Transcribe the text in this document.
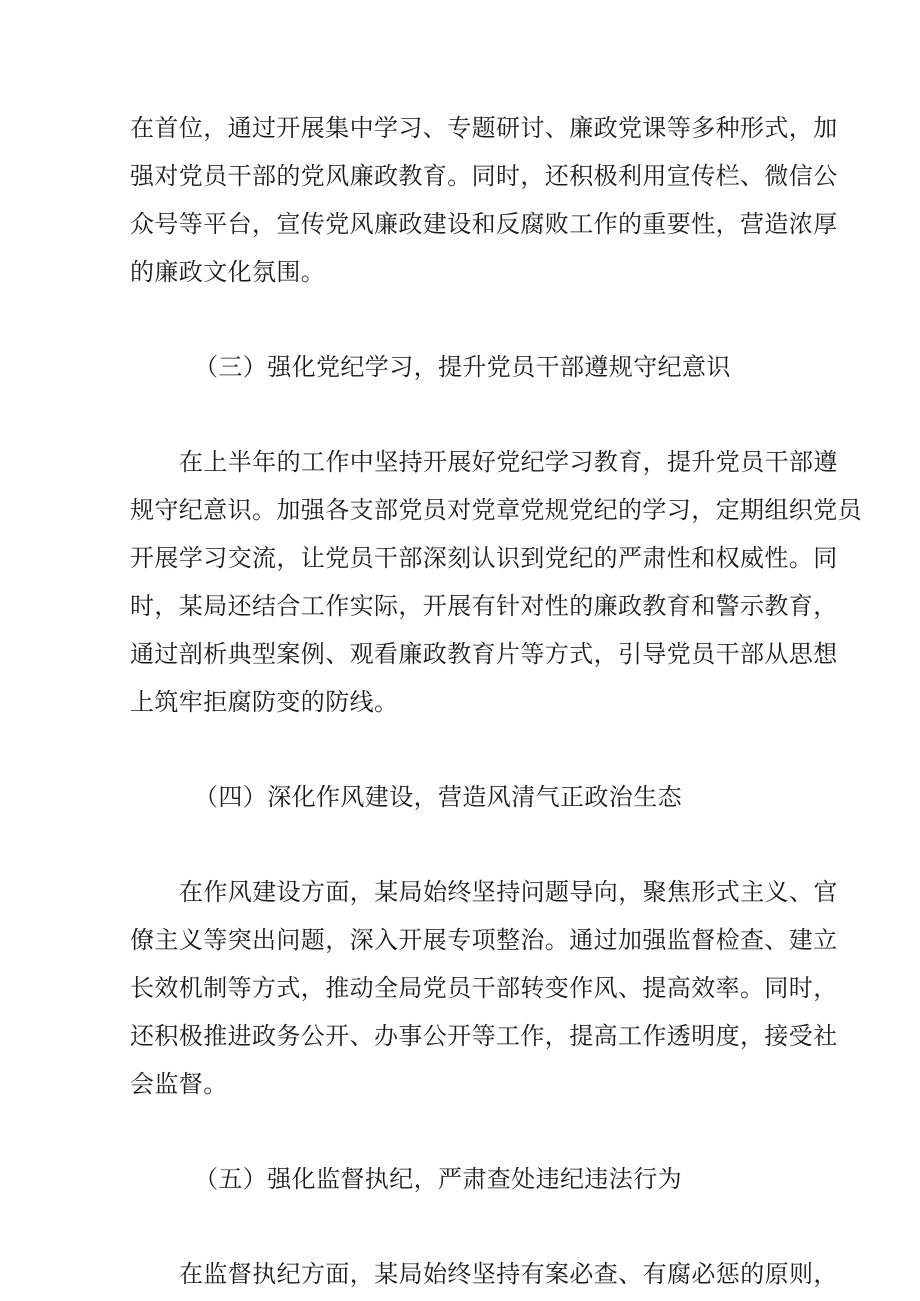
在首位，通过开展集中学习、专题研讨、廉政党课等多种形式，加
强对党员干部的党风廉政教育。同时，还积极利用宣传栏、微信公
众号等平台，宣传党风廉政建设和反腐败工作的重要性，营造浓厚
的廉政文化氛围。
（三）强化党纪学习，提升党员干部遵规守纪意识
在上半年的工作中坚持开展好党纪学习教育，提升党员干部遵
规守纪意识。加强各支部党员对党章党规党纪的学习，定期组织党员
开展学习交流，让党员干部深刻认识到党纪的严肃性和权威性。同
时，某局还结合工作实际，开展有针对性的廉政教育和警示教育，
通过剖析典型案例、观看廉政教育片等方式，引导党员干部从思想
上筑牢拒腐防变的防线。
（四）深化作风建设，营造风清气正政治生态
在作风建设方面，某局始终坚持问题导向，聚焦形式主义、官
僚主义等突出问题，深入开展专项整治。通过加强监督检查、建立
长效机制等方式，推动全局党员干部转变作风、提高效率。同时，
还积极推进政务公开、办事公开等工作，提高工作透明度，接受社
会监督。
（五）强化监督执纪，严肃查处违纪违法行为
在监督执纪方面，某局始终坚持有案必查、有腐必惩的原则，
